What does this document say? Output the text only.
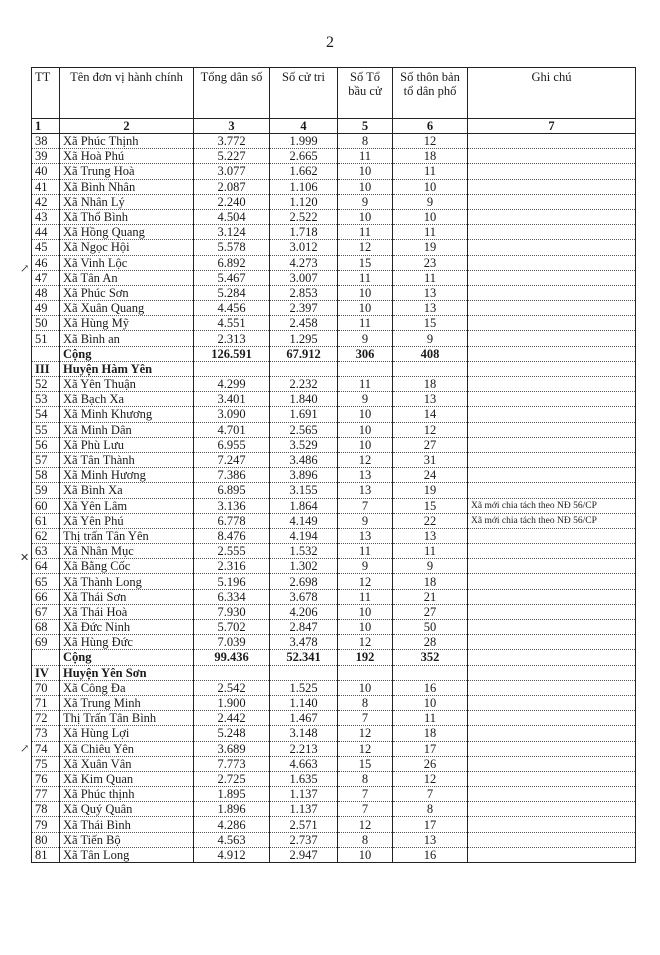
2
TT	Tên đơn vị hành chính	Tổng dân số	Số cử tri	Số Tổ bầu cử	Số thôn bản tổ dân phố	Ghi chú
1	2	3	4	5	6	7
38	Xã Phúc Thịnh	3.772	1.999	8	12	
39	Xã Hoà Phú	5.227	2.665	11	18	
40	Xã Trung Hoà	3.077	1.662	10	11	
41	Xã Bình Nhân	2.087	1.106	10	10	
42	Xã Nhân Lý	2.240	1.120	9	9	
43	Xã Thổ Bình	4.504	2.522	10	10	
44	Xã Hồng Quang	3.124	1.718	11	11	
45	Xã Ngọc Hội	5.578	3.012	12	19	
46	Xã Vinh Lộc	6.892	4.273	15	23	
47	Xã Tân An	5.467	3.007	11	11	
48	Xã Phúc Sơn	5.284	2.853	10	13	
49	Xã Xuân Quang	4.456	2.397	10	13	
50	Xã Hùng Mỹ	4.551	2.458	11	15	
51	Xã Bình an	2.313	1.295	9	9	
	Cộng	126.591	67.912	306	408	
III	Huyện Hàm Yên					
52	Xã Yên Thuận	4.299	2.232	11	18	
53	Xã Bạch Xa	3.401	1.840	9	13	
54	Xã Minh Khương	3.090	1.691	10	14	
55	Xã Minh Dân	4.701	2.565	10	12	
56	Xã Phù Lưu	6.955	3.529	10	27	
57	Xã Tân Thành	7.247	3.486	12	31	
58	Xã Minh Hương	7.386	3.896	13	24	
59	Xã Bình Xa	6.895	3.155	13	19	
60	Xã Yên Lâm	3.136	1.864	7	15	Xã mới chia tách theo NĐ 56/CP
61	Xã Yên Phú	6.778	4.149	9	22	Xã mới chia tách theo NĐ 56/CP
62	Thị trấn Tân Yên	8.476	4.194	13	13	
63	Xã Nhân Mục	2.555	1.532	11	11	
64	Xã Bằng Cốc	2.316	1.302	9	9	
65	Xã Thành Long	5.196	2.698	12	18	
66	Xã Thái Sơn	6.334	3.678	11	21	
67	Xã Thái Hoà	7.930	4.206	10	27	
68	Xã Đức Ninh	5.702	2.847	10	50	
69	Xã Hùng Đức	7.039	3.478	12	28	
	Cộng	99.436	52.341	192	352	
IV	Huyện Yên Sơn					
70	Xã Công Đa	2.542	1.525	10	16	
71	Xã Trung Minh	1.900	1.140	8	10	
72	Thị Trấn Tân Bình	2.442	1.467	7	11	
73	Xã Hùng Lợi	5.248	3.148	12	18	
74	Xã Chiêu Yên	3.689	2.213	12	17	
75	Xã Xuân Vân	7.773	4.663	15	26	
76	Xã Kim Quan	2.725	1.635	8	12	
77	Xã Phúc thịnh	1.895	1.137	7	7	
78	Xã Quý Quân	1.896	1.137	7	8	
79	Xã Thái Bình	4.286	2.571	12	17	
80	Xã Tiến Bộ	4.563	2.737	8	13	
81	Xã Tân Long	4.912	2.947	10	16	
↗
✕
↗
